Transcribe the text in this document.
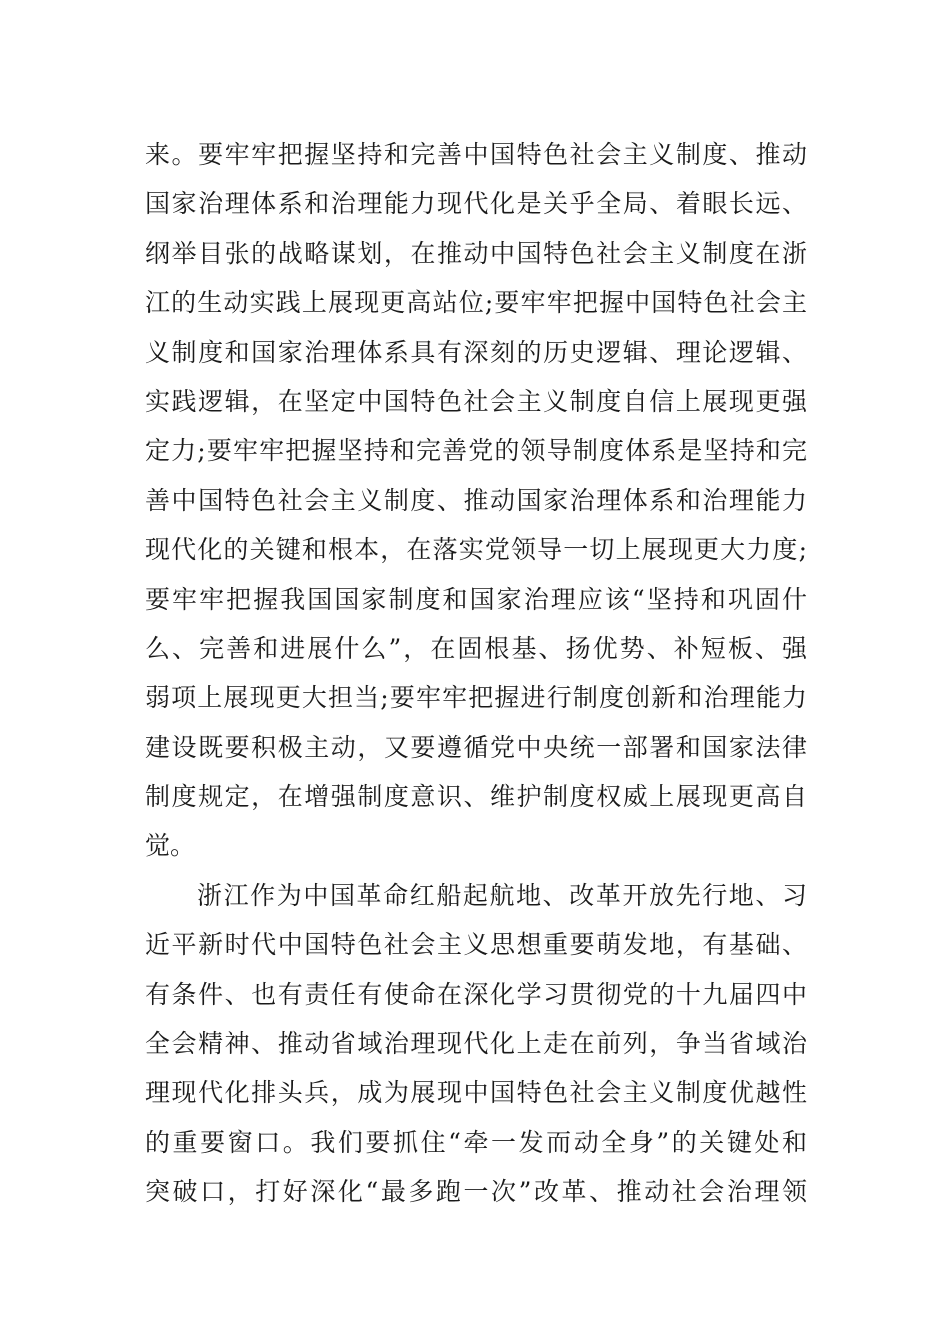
来。要牢牢把握坚持和完善中国特色社会主义制度、推动
国家治理体系和治理能力现代化是关乎全局、着眼长远、
纲举目张的战略谋划，在推动中国特色社会主义制度在浙
江的生动实践上展现更高站位;要牢牢把握中国特色社会主
义制度和国家治理体系具有深刻的历史逻辑、理论逻辑、
实践逻辑，在坚定中国特色社会主义制度自信上展现更强
定力;要牢牢把握坚持和完善党的领导制度体系是坚持和完
善中国特色社会主义制度、推动国家治理体系和治理能力
现代化的关键和根本，在落实党领导一切上展现更大力度;
要牢牢把握我国国家制度和国家治理应该“坚持和巩固什
么、完善和进展什么”，在固根基、扬优势、补短板、强
弱项上展现更大担当;要牢牢把握进行制度创新和治理能力
建设既要积极主动，又要遵循党中央统一部署和国家法律
制度规定，在增强制度意识、维护制度权威上展现更高自
觉。
浙江作为中国革命红船起航地、改革开放先行地、习
近平新时代中国特色社会主义思想重要萌发地，有基础、
有条件、也有责任有使命在深化学习贯彻党的十九届四中
全会精神、推动省域治理现代化上走在前列，争当省域治
理现代化排头兵，成为展现中国特色社会主义制度优越性
的重要窗口。我们要抓住“牵一发而动全身”的关键处和
突破口，打好深化“最多跑一次”改革、推动社会治理领
